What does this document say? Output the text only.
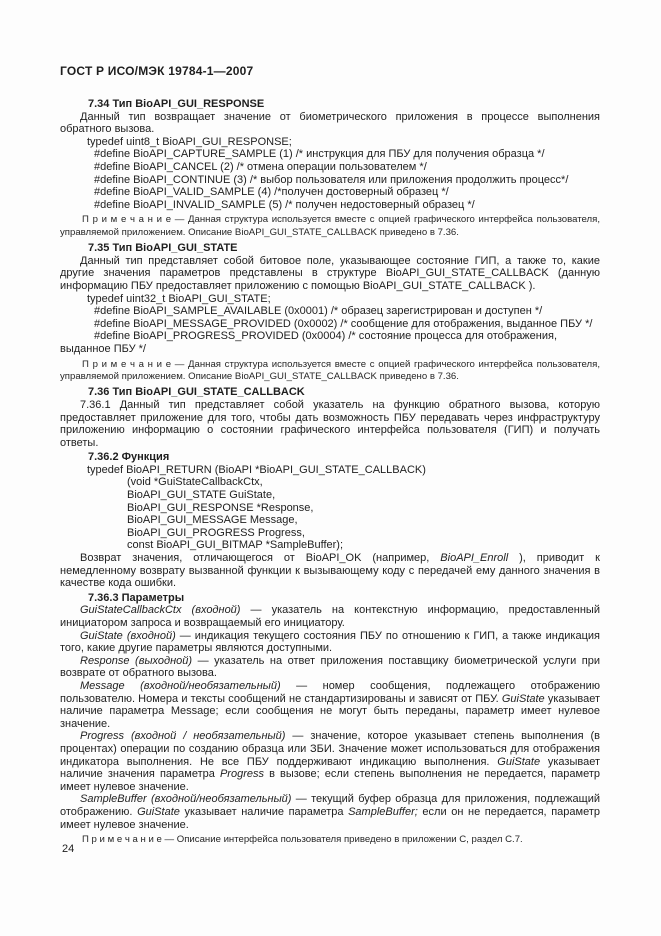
ГОСТ Р ИСО/МЭК 19784-1—2007

7.34 Тип BioAPI_GUI_RESPONSE

Данный тип возвращает значение от биометрического приложения в процессе выполнения обратного вызова.

typedef uint8_t BioAPI_GUI_RESPONSE;

#define BioAPI_CAPTURE_SAMPLE (1) /* инструкция для ПБУ для получения образца */

#define BioAPI_CANCEL (2) /* отмена операции пользователем */

#define BioAPI_CONTINUE (3) /* выбор пользователя или приложения продолжить процесс*/

#define BioAPI_VALID_SAMPLE (4) /*получен достоверный образец */

#define BioAPI_INVALID_SAMPLE (5) /* получен недостоверный образец */

П р и м е ч а н и е — Данная структура используется вместе с опцией графического интерфейса пользователя, управляемой приложением. Описание BioAPI_GUI_STATE_CALLBACK приведено в 7.36.

7.35 Тип BioAPI_GUI_STATE

Данный тип представляет собой битовое поле, указывающее состояние ГИП, а также то, какие другие значения параметров представлены в структуре BioAPI_GUI_STATE_CALLBACK (данную информацию ПБУ предоставляет приложению с помощью BioAPI_GUI_STATE_CALLBACK ).

typedef uint32_t BioAPI_GUI_STATE;

#define BioAPI_SAMPLE_AVAILABLE (0x0001) /* образец зарегистрирован и доступен */

#define BioAPI_MESSAGE_PROVIDED (0x0002) /* сообщение для отображения, выданное ПБУ */

#define BioAPI_PROGRESS_PROVIDED (0x0004) /* состояние процесса для отображения, выданное ПБУ */

П р и м е ч а н и е — Данная структура используется вместе с опцией графического интерфейса пользователя, управляемой приложением. Описание BioAPI_GUI_STATE_CALLBACK приведено в 7.36.

7.36 Тип BioAPI_GUI_STATE_CALLBACK

7.36.1 Данный тип представляет собой указатель на функцию обратного вызова, которую предоставляет приложение для того, чтобы дать возможность ПБУ передавать через инфраструктуру приложению информацию о состоянии графического интерфейса пользователя (ГИП) и получать ответы.

7.36.2 Функция

typedef BioAPI_RETURN (BioAPI *BioAPI_GUI_STATE_CALLBACK)

(void *GuiStateCallbackCtx,

BioAPI_GUI_STATE GuiState,

BioAPI_GUI_RESPONSE *Response,

BioAPI_GUI_MESSAGE Message,

BioAPI_GUI_PROGRESS Progress,

const BioAPI_GUI_BITMAP *SampleBuffer);

Возврат значения, отличающегося от BioAPI_OK (например, BioAPI_Enroll ), приводит к немедленному возврату вызванной функции к вызывающему коду с передачей ему данного значения в качестве кода ошибки.

7.36.3 Параметры

GuiStateCallbackCtx (входной) — указатель на контекстную информацию, предоставленный инициатором запроса и возвращаемый его инициатору.

GuiState (входной) — индикация текущего состояния ПБУ по отношению к ГИП, а также индикация того, какие другие параметры являются доступными.

Response (выходной) — указатель на ответ приложения поставщику биометрической услуги при возврате от обратного вызова.

Message (входной/необязательный) — номер сообщения, подлежащего отображению пользователю. Номера и тексты сообщений не стандартизированы и зависят от ПБУ. GuiState указывает наличие параметра Message; если сообщения не могут быть переданы, параметр имеет нулевое значение.

Progress (входной / необязательный) — значение, которое указывает степень выполнения (в процентах) операции по созданию образца или ЗБИ. Значение может использоваться для отображения индикатора выполнения. Не все ПБУ поддерживают индикацию выполнения. GuiState указывает наличие значения параметра Progress в вызове; если степень выполнения не передается, параметр имеет нулевое значение.

SampleBuffer (входной/необязательный) — текущий буфер образца для приложения, подлежащий отображению. GuiState указывает наличие параметра SampleBuffer; если он не передается, параметр имеет нулевое значение.

П р и м е ч а н и е — Описание интерфейса пользователя приведено в приложении С, раздел С.7.

24
